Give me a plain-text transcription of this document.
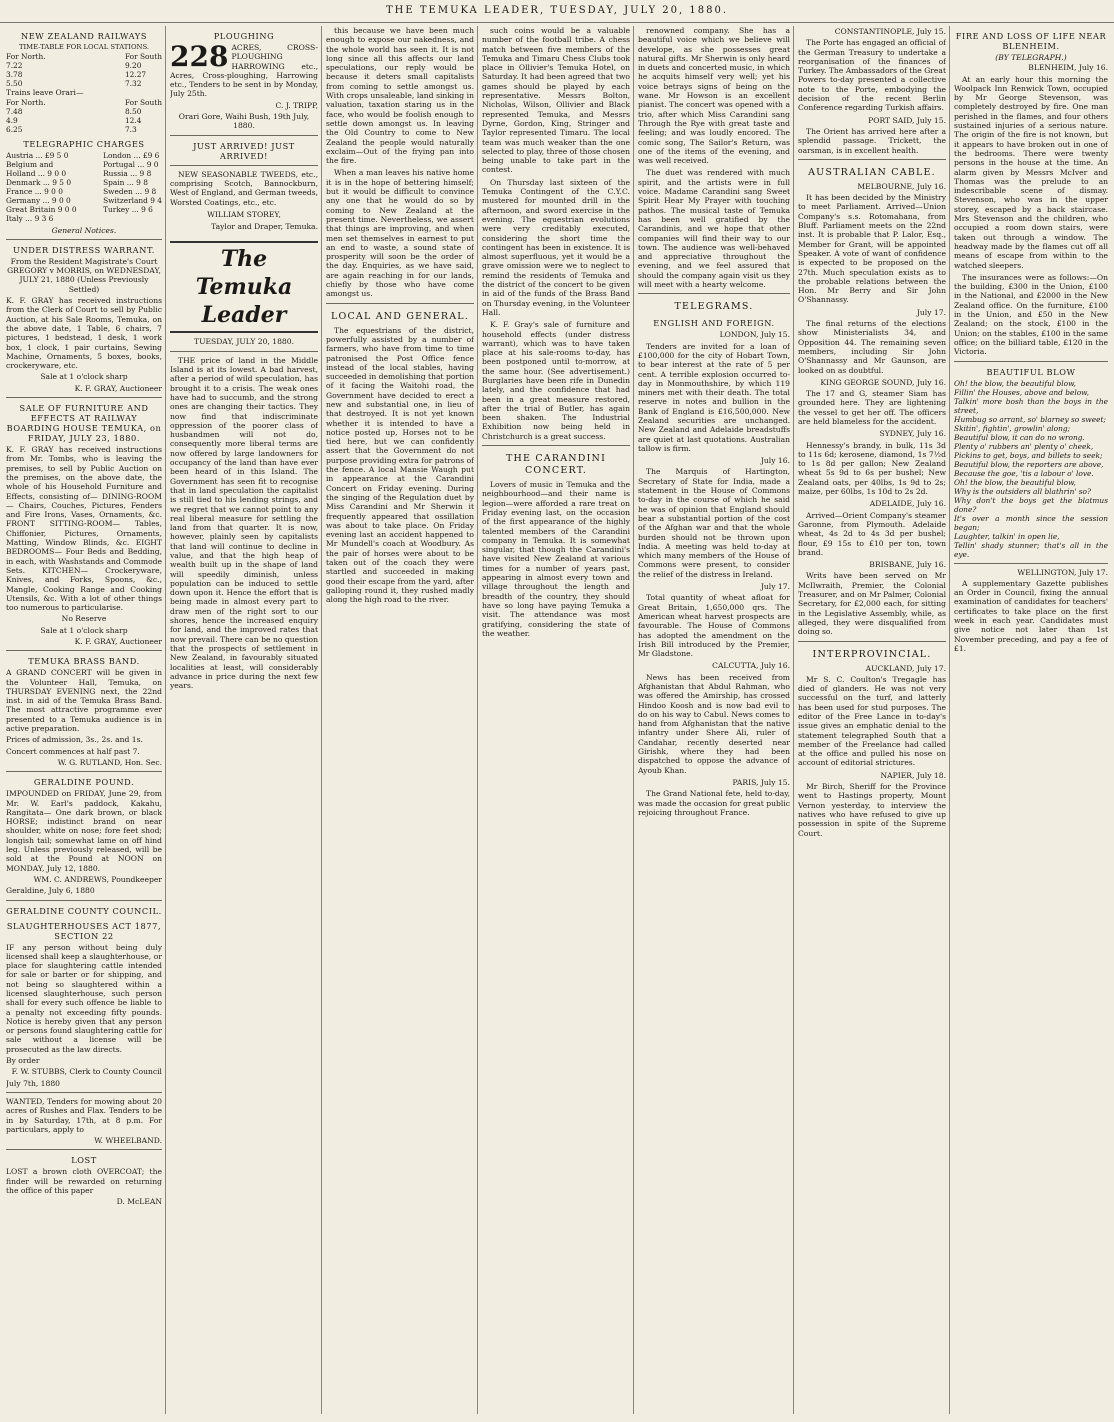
THE TEMUKA LEADER, TUESDAY, JULY 20, 1880.
NEW ZEALAND RAILWAYS
TIME-TABLE FOR LOCAL STATIONS.
For North.
7.22
3.78
5.50
For South
9.20
12.27
7.32
Trains leave Orari—
For North.
7.48
4.9
6.25
For South
8.50
12.4
7.3
TELEGRAPHIC CHARGES
Austria ... £9 5 0
Belgium and
Holland ... 9 0 0
Denmark ... 9 5 0
France ... 9 0 0
Germany ... 9 0 0
Great Britain 9 0 0
Italy ... 9 3 6
London ... £9 6
Portugal ... 9 0
Russia ... 9 8
Spain ... 9 8
Sweden ... 9 8
Switzerland 9 4
Turkey ... 9 6
General Notices.
UNDER DISTRESS WARRANT.

From the Resident Magistrate's Court GREGORY v MORRIS, on WEDNESDAY, JULY 21, 1880 (Unless Previously Settled)

K. F. GRAY has received instructions from the Clerk of Court to sell by Public Auction, at his Sale Rooms, Temuka, on the above date, 1 Table, 6 chairs, 7 pictures, 1 bedstead, 1 desk, 1 work box, 1 clock, 1 pair curtains, Sewing Machine, Ornaments, 5 boxes, books, crockeryware, etc.

Sale at 1 o'clock sharp

K. F. GRAY, Auctioneer

SALE OF FURNITURE AND EFFECTS AT RAILWAY BOARDING HOUSE TEMUKA, on FRIDAY, JULY 23, 1880.

K. F. GRAY has received instructions from Mr. Tombs, who is leaving the premises, to sell by Public Auction on the premises, on the above date, the whole of his Household Furniture and Effects, consisting of— DINING-ROOM— Chairs, Couches, Pictures, Fenders and Fire Irons, Vases, Ornaments, &c. FRONT SITTING-ROOM— Tables, Chiffonier, Pictures, Ornaments, Matting, Window Blinds, &c. EIGHT BEDROOMS— Four Beds and Bedding, in each, with Washstands and Commode Sets. KITCHEN— Crockeryware, Knives, and Forks, Spoons, &c., Mangle, Cooking Range and Cooking Utensils, &c. With a lot of other things too numerous to particularise.

No Reserve

Sale at 1 o'clock sharp

K. F. GRAY, Auctioneer

TEMUKA BRASS BAND.

A GRAND CONCERT will be given in the Volunteer Hall, Temuka, on THURSDAY EVENING next, the 22nd inst. in aid of the Temuka Brass Band. The most attractive programme ever presented to a Temuka audience is in active preparation.

Prices of admission, 3s., 2s. and 1s.

Concert commences at half past 7.

W. G. RUTLAND, Hon. Sec.

GERALDINE POUND.

IMPOUNDED on FRIDAY, June 29, from Mr. W. Earl's paddock, Kakahu, Rangitata— One dark brown, or black HORSE; indistinct brand on near shoulder, white on nose; fore feet shod; longish tail; somewhat lame on off hind leg. Unless previously released, will be sold at the Pound at NOON on MONDAY, July 12, 1880.

WM. C. ANDREWS, Poundkeeper

Geraldine, July 6, 1880

GERALDINE COUNTY COUNCIL.
SLAUGHTERHOUSES ACT 1877, SECTION 22

IF any person without being duly licensed shall keep a slaughterhouse, or place for slaughtering cattle intended for sale or barter or for shipping, and not being so slaughtered within a licensed slaughterhouse, such person shall for every such offence be liable to a penalty not exceeding fifty pounds. Notice is hereby given that any person or persons found slaughtering cattle for sale without a license will be prosecuted as the law directs.

By order

F. W. STUBBS, Clerk to County Council

July 7th, 1880

WANTED, Tenders for mowing about 20 acres of Rushes and Flax. Tenders to be in by Saturday, 17th, at 8 p.m. For particulars, apply to

W. WHEELBAND.

LOST

LOST a brown cloth OVERCOAT; the finder will be rewarded on returning the office of this paper

D. McLEAN

PLOUGHING
228 ACRES, CROSS-PLOUGHING HARROWING etc., Acres, Cross-ploughing, Harrowing etc., Tenders to be sent in by Monday, July 25th.

C. J. TRIPP,

Orari Gore, Waihi Bush, 19th July, 1880.

JUST ARRIVED! JUST ARRIVED!

NEW SEASONABLE TWEEDS, etc., comprising Scotch, Bannockburn, West of England, and German tweeds, Worsted Coatings, etc., etc.

WILLIAM STOREY,

Taylor and Draper, Temuka.

The Temuka Leader
TUESDAY, JULY 20, 1880.

THE price of land in the Middle Island is at its lowest. A bad harvest, after a period of wild speculation, has brought it to a crisis. The weak ones have had to succumb, and the strong ones are changing their tactics. They now find that indiscriminate oppression of the poorer class of husbandmen will not do, consequently more liberal terms are now offered by large landowners for occupancy of the land than have ever been heard of in this Island. The Government has seen fit to recognise that in land speculation the capitalist is still tied to his lending strings, and we regret that we cannot point to any real liberal measure for settling the land from that quarter. It is now, however, plainly seen by capitalists that land will continue to decline in value, and that the high heap of wealth built up in the shape of land will speedily diminish, unless population can be induced to settle down upon it. Hence the effort that is being made in almost every part to draw men of the right sort to our shores, hence the increased enquiry for land, and the improved rates that now prevail. There can be no question that the prospects of settlement in New Zealand, in favourably situated localities at least, will considerably advance in price during the next few years.

this because we have been much enough to expose our nakedness, and the whole world has seen it. It is not long since all this affects our land speculations, our reply would be because it deters small capitalists from coming to settle amongst us. With crops unsaleable, land sinking in valuation, taxation staring us in the face, who would be foolish enough to settle down amongst us. In leaving the Old Country to come to New Zealand the people would naturally exclaim—Out of the frying pan into the fire.

When a man leaves his native home it is in the hope of bettering himself; but it would be difficult to convince any one that he would do so by coming to New Zealand at the present time. Nevertheless, we assert that things are improving, and when men set themselves in earnest to put an end to waste, a sound state of prosperity will soon be the order of the day. Enquiries, as we have said, are again reaching in for our lands, chiefly by those who have come amongst us.

LOCAL AND GENERAL.

The equestrians of the district, powerfully assisted by a number of farmers, who have from time to time patronised the Post Office fence instead of the local stables, having succeeded in demolishing that portion of it facing the Waitohi road, the Government have decided to erect a new and substantial one, in lieu of that destroyed. It is not yet known whether it is intended to have a notice posted up, Horses not to be tied here, but we can confidently assert that the Government do not purpose providing extra for patrons of the fence. A local Mansie Waugh put in appearance at the Carandini Concert on Friday evening. During the singing of the Regulation duet by Miss Carandini and Mr Sherwin it frequently appeared that ossillation was about to take place. On Friday evening last an accident happened to Mr Mundell's coach at Woodbury. As the pair of horses were about to be taken out of the coach they were startled and succeeded in making good their escape from the yard, after galloping round it, they rushed madly along the high road to the river.

such coins would be a valuable number of the football tribe. A chess match between five members of the Temuka and Timaru Chess Clubs took place in Ollivier's Temuka Hotel, on Saturday. It had been agreed that two games should be played by each representative. Messrs Bolton, Nicholas, Wilson, Ollivier and Black represented Temuka, and Messrs Dyrne, Gordon, King, Stringer and Taylor represented Timaru. The local team was much weaker than the one selected to play, three of those chosen being unable to take part in the contest.

On Thursday last sixteen of the Temuka Contingent of the C.Y.C. mustered for mounted drill in the afternoon, and sword exercise in the evening. The equestrian evolutions were very creditably executed, considering the short time the contingent has been in existence. It is almost superfluous, yet it would be a grave omission were we to neglect to remind the residents of Temuka and the district of the concert to be given in aid of the funds of the Brass Band on Thursday evening, in the Volunteer Hall.

K. F. Gray's sale of furniture and household effects (under distress warrant), which was to have taken place at his sale-rooms to-day, has been postponed until to-morrow, at the same hour. (See advertisement.) Burglaries have been rife in Dunedin lately, and the confidence that had been in a great measure restored, after the trial of Butler, has again been shaken. The Industrial Exhibition now being held in Christchurch is a great success.

THE CARANDINI CONCERT.

Lovers of music in Temuka and the neighbourhood—and their name is legion—were afforded a rare treat on Friday evening last, on the occasion of the first appearance of the highly talented members of the Carandini company in Temuka. It is somewhat singular, that though the Carandini's have visited New Zealand at various times for a number of years past, appearing in almost every town and village throughout the length and breadth of the country, they should have so long have paying Temuka a visit. The attendance was most gratifying, considering the state of the weather.

renowned company. She has a beautiful voice which we believe will develope, as she possesses great natural gifts. Mr Sherwin is only heard in duets and concerted music, in which he acquits himself very well; yet his voice betrays signs of being on the wane. Mr Howson is an excellent pianist. The concert was opened with a trio, after which Miss Carandini sang Through the Rye with great taste and feeling; and was loudly encored. The comic song, The Sailor's Return, was one of the items of the evening, and was well received.

The duet was rendered with much spirit, and the artists were in full voice. Madame Carandini sang Sweet Spirit Hear My Prayer with touching pathos. The musical taste of Temuka has been well gratified by the Carandinis, and we hope that other companies will find their way to our town. The audience was well-behaved and appreciative throughout the evening, and we feel assured that should the company again visit us they will meet with a hearty welcome.

TELEGRAMS.
ENGLISH AND FOREIGN.
LONDON, July 15.

Tenders are invited for a loan of £100,000 for the city of Hobart Town, to bear interest at the rate of 5 per cent. A terrible explosion occurred to-day in Monmouthshire, by which 119 miners met with their death. The total reserve in notes and bullion in the Bank of England is £16,500,000. New Zealand securities are unchanged. New Zealand and Adelaide breadstuffs are quiet at last quotations. Australian tallow is firm.

July 16.

The Marquis of Hartington, Secretary of State for India, made a statement in the House of Commons to-day in the course of which he said he was of opinion that England should bear a substantial portion of the cost of the Afghan war and that the whole burden should not be thrown upon India. A meeting was held to-day at which many members of the House of Commons were present, to consider the relief of the distress in Ireland.

July 17.

Total quantity of wheat afloat for Great Britain, 1,650,000 qrs. The American wheat harvest prospects are favourable. The House of Commons has adopted the amendment on the Irish Bill introduced by the Premier, Mr Gladstone.

CALCUTTA, July 16.

News has been received from Afghanistan that Abdul Rahman, who was offered the Amirship, has crossed Hindoo Koosh and is now bad evil to do on his way to Cabul. News comes to hand from Afghanistan that the native infantry under Shere Ali, ruler of Candahar, recently deserted near Girishk, where they had been dispatched to oppose the advance of Ayoub Khan.

PARIS, July 15.

The Grand National fete, held to-day, was made the occasion for great public rejoicing throughout France.

CONSTANTINOPLE, July 15.

The Porte has engaged an official of the German Treasury to undertake a reorganisation of the finances of Turkey. The Ambassadors of the Great Powers to-day presented a collective note to the Porte, embodying the decision of the recent Berlin Conference regarding Turkish affairs.

PORT SAID, July 15.

The Orient has arrived here after a splendid passage. Trickett, the oarsman, is in excellent health.

AUSTRALIAN CABLE.
MELBOURNE, July 16.

It has been decided by the Ministry to meet Parliament. Arrived—Union Company's s.s. Rotomahana, from Bluff. Parliament meets on the 22nd inst. It is probable that P. Lalor, Esq., Member for Grant, will be appointed Speaker. A vote of want of confidence is expected to be proposed on the 27th. Much speculation exists as to the probable relations between the Hon. Mr Berry and Sir John O'Shannassy.

July 17.

The final returns of the elections show Ministerialists 34, and Opposition 44. The remaining seven members, including Sir John O'Shannassy and Mr Gaunson, are looked on as doubtful.

KING GEORGE SOUND, July 16.

The 17 and G, steamer Siam has grounded here. They are lightening the vessel to get her off. The officers are held blameless for the accident.

SYDNEY, July 16.

Hennessy's brandy, in bulk, 11s 3d to 11s 6d; kerosene, diamond, 1s 7½d to 1s 8d per gallon; New Zealand wheat 5s 9d to 6s per bushel; New Zealand oats, per 40lbs, 1s 9d to 2s; maize, per 60lbs, 1s 10d to 2s 2d.

ADELAIDE, July 16.

Arrived—Orient Company's steamer Garonne, from Plymouth. Adelaide wheat, 4s 2d to 4s 3d per bushel; flour, £9 15s to £10 per ton, town brand.

BRISBANE, July 16.

Writs have been served on Mr McIlwraith, Premier, the Colonial Treasurer, and on Mr Palmer, Colonial Secretary, for £2,000 each, for sitting in the Legislative Assembly, while, as alleged, they were disqualified from doing so.

INTERPROVINCIAL.
AUCKLAND, July 17.

Mr S. C. Coulton's Tregagle has died of glanders. He was not very successful on the turf, and latterly has been used for stud purposes. The editor of the Free Lance in to-day's issue gives an emphatic denial to the statement telegraphed South that a member of the Freelance had called at the office and pulled his nose on account of editorial strictures.

NAPIER, July 18.

Mr Birch, Sheriff for the Province went to Hastings property, Mount Vernon yesterday, to interview the natives who have refused to give up possession in spite of the Supreme Court.

FIRE AND LOSS OF LIFE NEAR BLENHEIM.
(BY TELEGRAPH.)
BLENHEIM, July 16.

At an early hour this morning the Woolpack Inn Renwick Town, occupied by Mr George Stevenson, was completely destroyed by fire. One man perished in the flames, and four others sustained injuries of a serious nature. The origin of the fire is not known, but it appears to have broken out in one of the bedrooms. There were twenty persons in the house at the time. An alarm given by Messrs McIver and Thomas was the prelude to an indescribable scene of dismay. Stevenson, who was in the upper storey, escaped by a back staircase. Mrs Stevenson and the children, who occupied a room down stairs, were taken out through a window. The headway made by the flames cut off all means of escape from within to the watched sleepers.

The insurances were as follows:—On the building, £300 in the Union, £100 in the National, and £2000 in the New Zealand office. On the furniture, £100 in the Union, and £50 in the New Zealand; on the stock, £100 in the Union; on the stables, £100 in the same office; on the billiard table, £120 in the Victoria.

BEAUTIFUL BLOW

Oh! the blow, the beautiful blow,
Fillin' the Houses, above and below,
Talkin' more bosh than the boys in the street,
Humbug so arrant, so' blarney so sweet;
Skitin', fightin', growlin' along;
Beautiful blow, it can do no wrong.
Plenty o' rubbers an' plenty o' cheek,
Pickins to get, boys, and billets to seek;
Beautiful blow, the reporters are above,
Because the goe, 'tis a labour o' love.
Oh! the blow, the beautiful blow,
Why is the outsiders all blathrin' so?
Why don't the boys get the blatmus done?
It's over a month since the session began;
Laughter, talkin' in open lie,
Tellin' shady stunner; that's all in the eye.

WELLINGTON, July 17.

A supplementary Gazette publishes an Order in Council, fixing the annual examination of candidates for teachers' certificates to take place on the first week in each year. Candidates must give notice not later than 1st November preceding, and pay a fee of £1.
